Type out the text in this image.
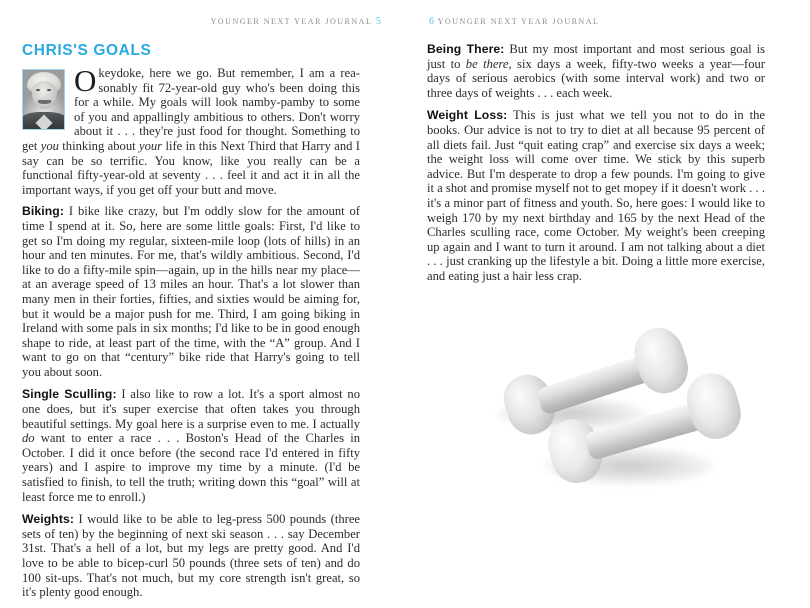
YOUNGER NEXT YEAR JOURNAL 5
CHRIS'S GOALS
Okeydoke, here we go. But remember, I am a rea- sonably fit 72-year-old guy who's been doing this for a while. My goals will look namby-pamby to some of you and appallingly ambitious to others. Don't worry about it . . . they're just food for thought. Something to get you thinking about your life in this Next Third that Harry and I say can be so terrific. You know, like you really can be a functional fifty-year-old at seventy . . . feel it and act it in all the important ways, if you get off your butt and move.
Biking: I bike like crazy, but I'm oddly slow for the amount of time I spend at it. So, here are some little goals: First, I'd like to get so I'm doing my regular, sixteen-mile loop (lots of hills) in an hour and ten minutes. For me, that's wildly ambitious. Second, I'd like to do a fifty-mile spin—again, up in the hills near my place—at an average speed of 13 miles an hour. That's a lot slower than many men in their forties, fifties, and sixties would be aiming for, but it would be a major push for me. Third, I am going biking in Ireland with some pals in six months; I'd like to be in good enough shape to ride, at least part of the time, with the “A” group. And I want to go on that “century” bike ride that Harry's going to tell you about soon.
Single Sculling: I also like to row a lot. It's a sport almost no one does, but it's super exercise that often takes you through beautiful settings. My goal here is a surprise even to me. I actually do want to enter a race . . . Boston's Head of the Charles in October. I did it once before (the second race I'd entered in fifty years) and I aspire to improve my time by a minute. (I'd be satisfied to finish, to tell the truth; writing down this “goal” will at least force me to enroll.)
Weights: I would like to be able to leg-press 500 pounds (three sets of ten) by the beginning of next ski season . . . say December 31st. That's a hell of a lot, but my legs are pretty good. And I'd love to be able to bicep-curl 50 pounds (three sets of ten) and do 100 sit-ups. That's not much, but my core strength isn't great, so it's plenty good enough.
6 YOUNGER NEXT YEAR JOURNAL
Being There: But my most important and most serious goal is just to be there, six days a week, fifty-two weeks a year—four days of serious aerobics (with some interval work) and two or three days of weights . . . each week.
Weight Loss: This is just what we tell you not to do in the books. Our advice is not to try to diet at all because 95 percent of all diets fail. Just “quit eating crap” and exercise six days a week; the weight loss will come over time. We stick by this superb advice. But I'm desperate to drop a few pounds. I'm going to give it a shot and promise myself not to get mopey if it doesn't work . . . it's a minor part of fitness and youth. So, here goes: I would like to weigh 170 by my next birthday and 165 by the next Head of the Charles sculling race, come October. My weight's been creeping up again and I want to turn it around. I am not talking about a diet . . . just cranking up the lifestyle a bit. Doing a little more exercise, and eating just a hair less crap.
